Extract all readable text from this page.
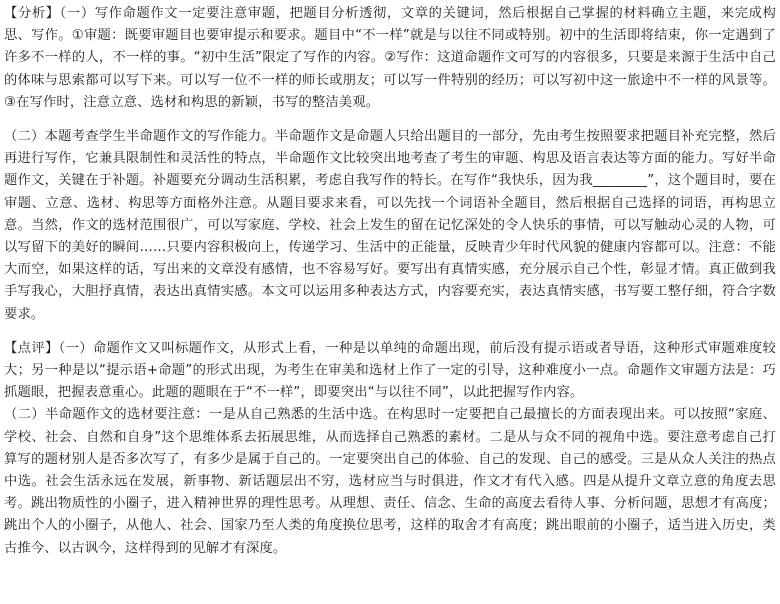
【分析】（一）写作命题作文一定要注意审题，把题目分析透彻，文章的关键词，然后根据自己掌握的材料确立主题，来完成构思、写作。①审题：既要审题目也要审提示和要求。题目中“不一样”就是与以往不同或特别。初中的生活即将结束，你一定遇到了许多不一样的人，不一样的事。“初中生活”限定了写作的内容。②写作：这道命题作文可写的内容很多，只要是来源于生活中自己的体味与思索都可以写下来。可以写一位不一样的师长或朋友；可以写一件特别的经历；可以写初中这一旅途中不一样的风景等。③在写作时，注意立意、选材和构思的新颖，书写的整洁美观。

（二）本题考查学生半命题作文的写作能力。半命题作文是命题人只给出题目的一部分，先由考生按照要求把题目补充完整，然后再进行写作，它兼具限制性和灵活性的特点，半命题作文比较突出地考查了考生的审题、构思及语言表达等方面的能力。写好半命题作文，关键在于补题。补题要充分调动生活积累，考虑自我写作的特长。在写作“我快乐，因为我________”，这个题目时，要在审题、立意、选材、构思等方面格外注意。从题目要求来看，可以先找一个词语补全题目，然后根据自己选择的词语，再构思立意。当然，作文的选材范围很广，可以写家庭、学校、社会上发生的留在记忆深处的令人快乐的事情，可以写触动心灵的人物，可以写留下的美好的瞬间……只要内容积极向上，传递学习、生活中的正能量，反映青少年时代风貌的健康内容都可以。注意：不能大而空，如果这样的话，写出来的文章没有感情，也不容易写好。要写出有真情实感，充分展示自己个性，彰显才情。真正做到我手写我心，大胆抒真情，表达出真情实感。本文可以运用多种表达方式，内容要充实，表达真情实感，书写要工整仔细，符合字数要求。

【点评】（一）命题作文又叫标题作文，从形式上看，一种是以单纯的命题出现，前后没有提示语或者导语，这种形式审题难度较大；另一种是以“提示语+命题”的形式出现，为考生在审美和选材上作了一定的引导，这种难度小一点。命题作文审题方法是：巧抓题眼，把握表意重心。此题的题眼在于“不一样”，即要突出“与以往不同”，以此把握写作内容。

（二）半命题作文的选材要注意：一是从自己熟悉的生活中选。在构思时一定要把自己最擅长的方面表现出来。可以按照“家庭、学校、社会、自然和自身”这个思维体系去拓展思维，从而选择自己熟悉的素材。二是从与众不同的视角中选。要注意考虑自己打算写的题材别人是否多次写了，有多少是属于自己的。一定要突出自己的体验、自己的发现、自己的感受。三是从众人关注的热点中选。社会生活永远在发展，新事物、新话题层出不穷，选材应当与时俱进，作文才有代入感。四是从提升文章立意的角度去思考。跳出物质性的小圈子，进入精神世界的理性思考。从理想、责任、信念、生命的高度去看待人事、分析问题，思想才有高度；跳出个人的小圈子，从他人、社会、国家乃至人类的角度换位思考，这样的取舍才有高度；跳出眼前的小圈子，适当进入历史，类古推今、以古讽今，这样得到的见解才有深度。
